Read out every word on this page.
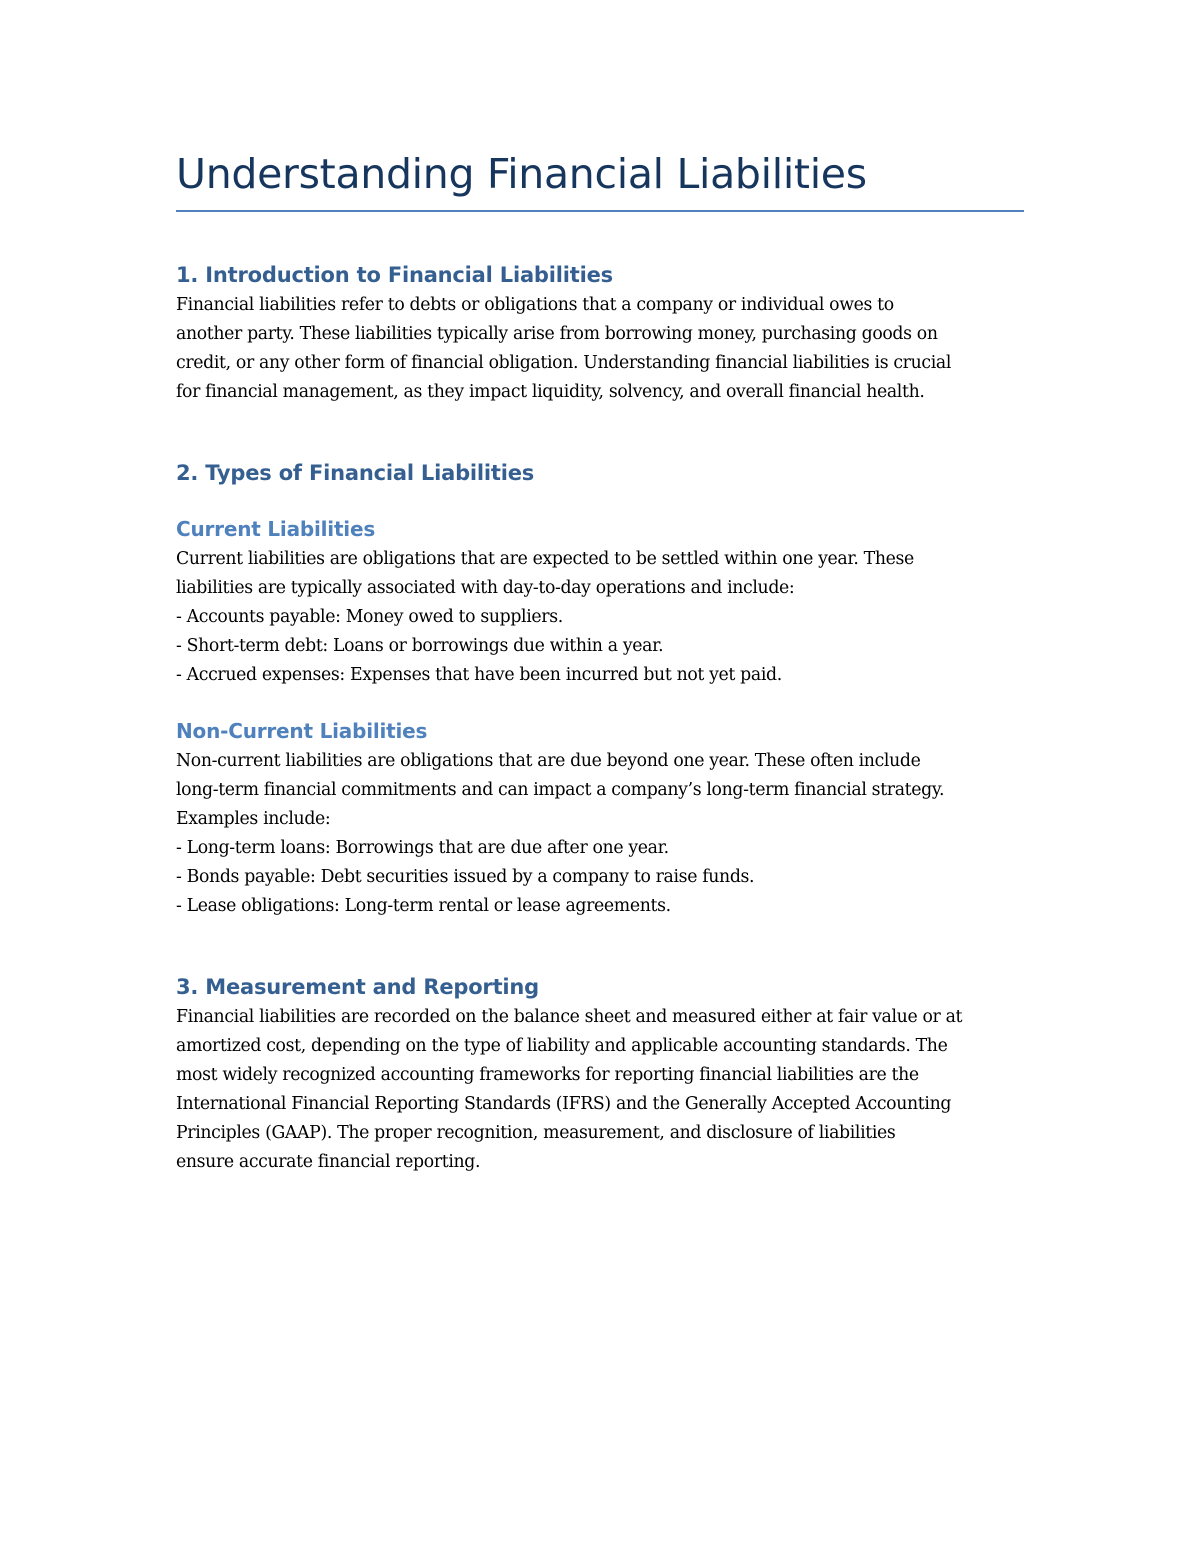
Understanding Financial Liabilities
1. Introduction to Financial Liabilities

Financial liabilities refer to debts or obligations that a company or individual owes to
another party. These liabilities typically arise from borrowing money, purchasing goods on
credit, or any other form of financial obligation. Understanding financial liabilities is crucial
for financial management, as they impact liquidity, solvency, and overall financial health.

2. Types of Financial Liabilities
Current Liabilities

Current liabilities are obligations that are expected to be settled within one year. These
liabilities are typically associated with day-to-day operations and include:
- Accounts payable: Money owed to suppliers.
- Short-term debt: Loans or borrowings due within a year.
- Accrued expenses: Expenses that have been incurred but not yet paid.

Non-Current Liabilities

Non-current liabilities are obligations that are due beyond one year. These often include
long-term financial commitments and can impact a company’s long-term financial strategy.
Examples include:
- Long-term loans: Borrowings that are due after one year.
- Bonds payable: Debt securities issued by a company to raise funds.
- Lease obligations: Long-term rental or lease agreements.

3. Measurement and Reporting

Financial liabilities are recorded on the balance sheet and measured either at fair value or at
amortized cost, depending on the type of liability and applicable accounting standards. The
most widely recognized accounting frameworks for reporting financial liabilities are the
International Financial Reporting Standards (IFRS) and the Generally Accepted Accounting
Principles (GAAP). The proper recognition, measurement, and disclosure of liabilities
ensure accurate financial reporting.
